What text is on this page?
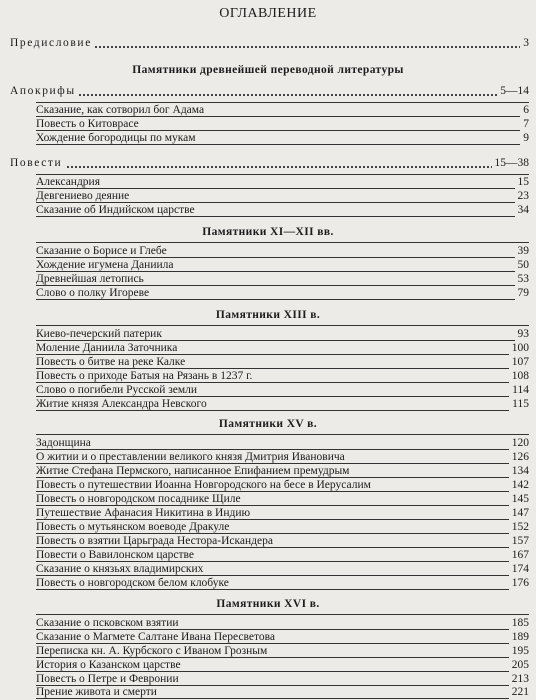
ОГЛАВЛЕНИЕ
Предисловие	3
Памятники древнейшей переводной литературы
Апокрифы	5—14
Сказание, как сотворил бог Адама	6
Повесть о Китоврасе	7
Хождение богородицы по мукам	9
Повести	15—38
Александрия	15
Девгениево деяние	23
Сказание об Индийском царстве	34
Памятники XI—XII вв.
Сказание о Борисе и Глебе	39
Хождение игумена Даниила	50
Древнейшая летопись	53
Слово о полку Игореве	79
Памятники XIII в.
Киево-печерский патерик	93
Моление Даниила Заточника	100
Повесть о битве на реке Калке	107
Повесть о приходе Батыя на Рязань в 1237 г.	108
Слово о погибели Русской земли	114
Житие князя Александра Невского	115
Памятники XV в.
Задонщина	120
О житии и о преставлении великого князя Дмитрия Ивановича	126
Житие Стефана Пермского, написанное Епифанием премудрым	134
Повесть о путешествии Иоанна Новгородского на бесе в Иерусалим	142
Повесть о новгородском посаднике Щиле	145
Путешествие Афанасия Никитина в Индию	147
Повесть о мутьянском воеводе Дракуле	152
Повесть о взятии Царьграда Нестора-Искандера	157
Повести о Вавилонском царстве	167
Сказание о князьях владимирских	174
Повесть о новгородском белом клобуке	176
Памятники XVI в.
Сказание о псковском взятии	185
Сказание о Магмете Салтане Ивана Пересветова	189
Переписка кн. А. Курбского с Иваном Грозным	195
История о Казанском царстве	205
Повесть о Петре и Февронии	213
Прение живота и смерти	221
